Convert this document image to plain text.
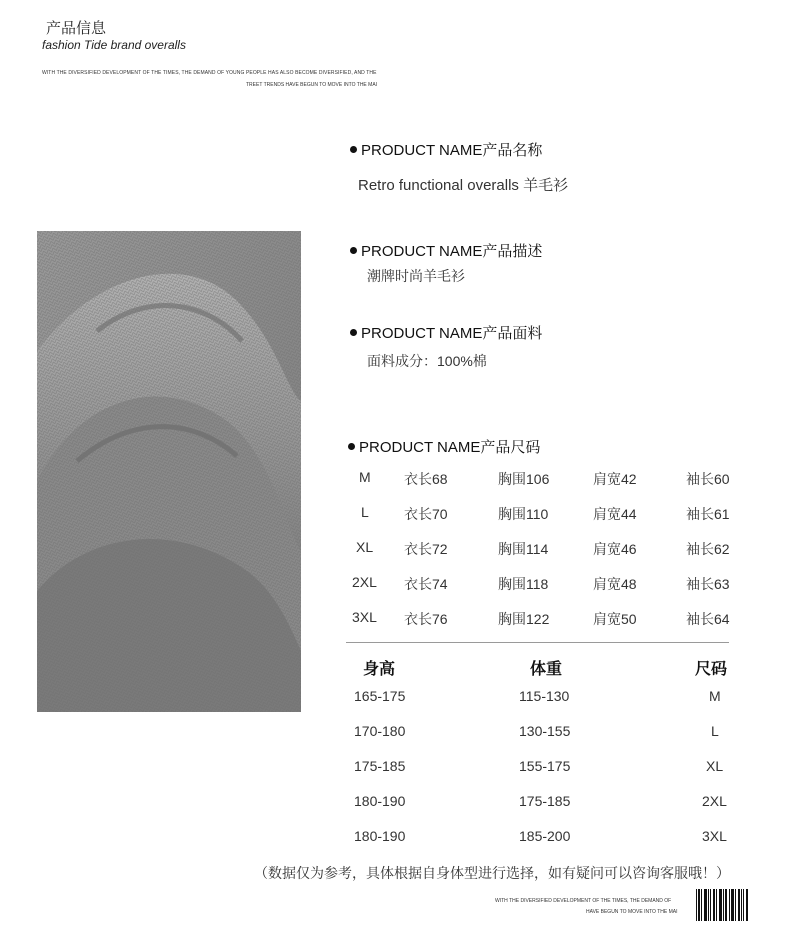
产品信息
fashion Tide brand overalls
WITH THE DIVERSIFIED DEVELOPMENT OF THE TIMES, THE DEMAND OF YOUNG PEOPLE HAS ALSO BECOME DIVERSIFIED, AND THE
TREET TRENDS HAVE BEGUN TO MOVE INTO THE MAI
PRODUCT NAME产品名称
Retro functional overalls 羊毛衫
PRODUCT NAME产品描述
潮牌时尚羊毛衫
PRODUCT NAME产品面料
面料成分：100%棉
PRODUCT NAME产品尺码
M 衣长68	胸围106	肩宽42	袖长60
L	衣长70	胸围110	肩宽44	袖长61
XL 衣长72	胸围114	肩宽46	袖长62
2XL 衣长74	胸围118	肩宽48	袖长63
3XL 衣长76	胸围122	肩宽50	袖长64
身高	体重	尺码
165-175	115-130	M
170-180	130-155	L
175-185	155-175	XL
180-190	175-185	2XL
180-190	185-200	3XL
（数据仅为参考，具体根据自身体型进行选择，如有疑问可以咨询客服哦！）
WITH THE DIVERSIFIED DEVELOPMENT OF THE TIMES, THE DEMAND OF
HAVE BEGUN TO MOVE INTO THE MAI
